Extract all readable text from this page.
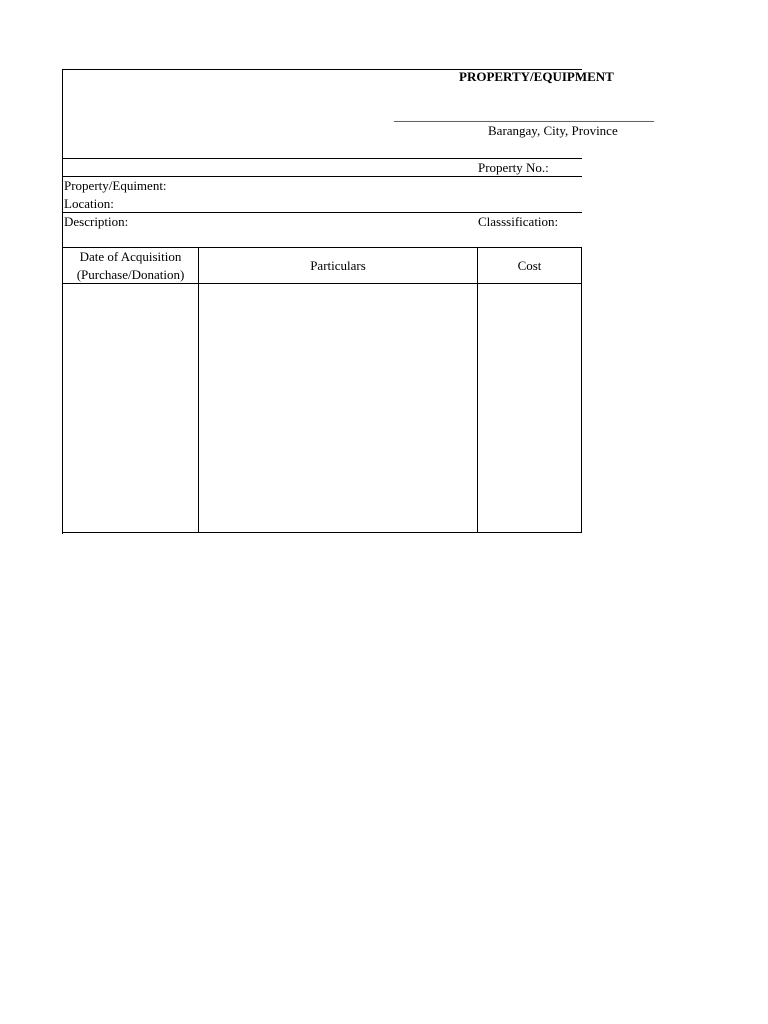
PROPERTY/EQUIPMENT
________________________________________
Barangay, City, Province
Property No.:
Property/Equiment:
Location:
Description:	Classsification:
Date of Acquisition
(Purchase/Donation)
Particulars	Cost
